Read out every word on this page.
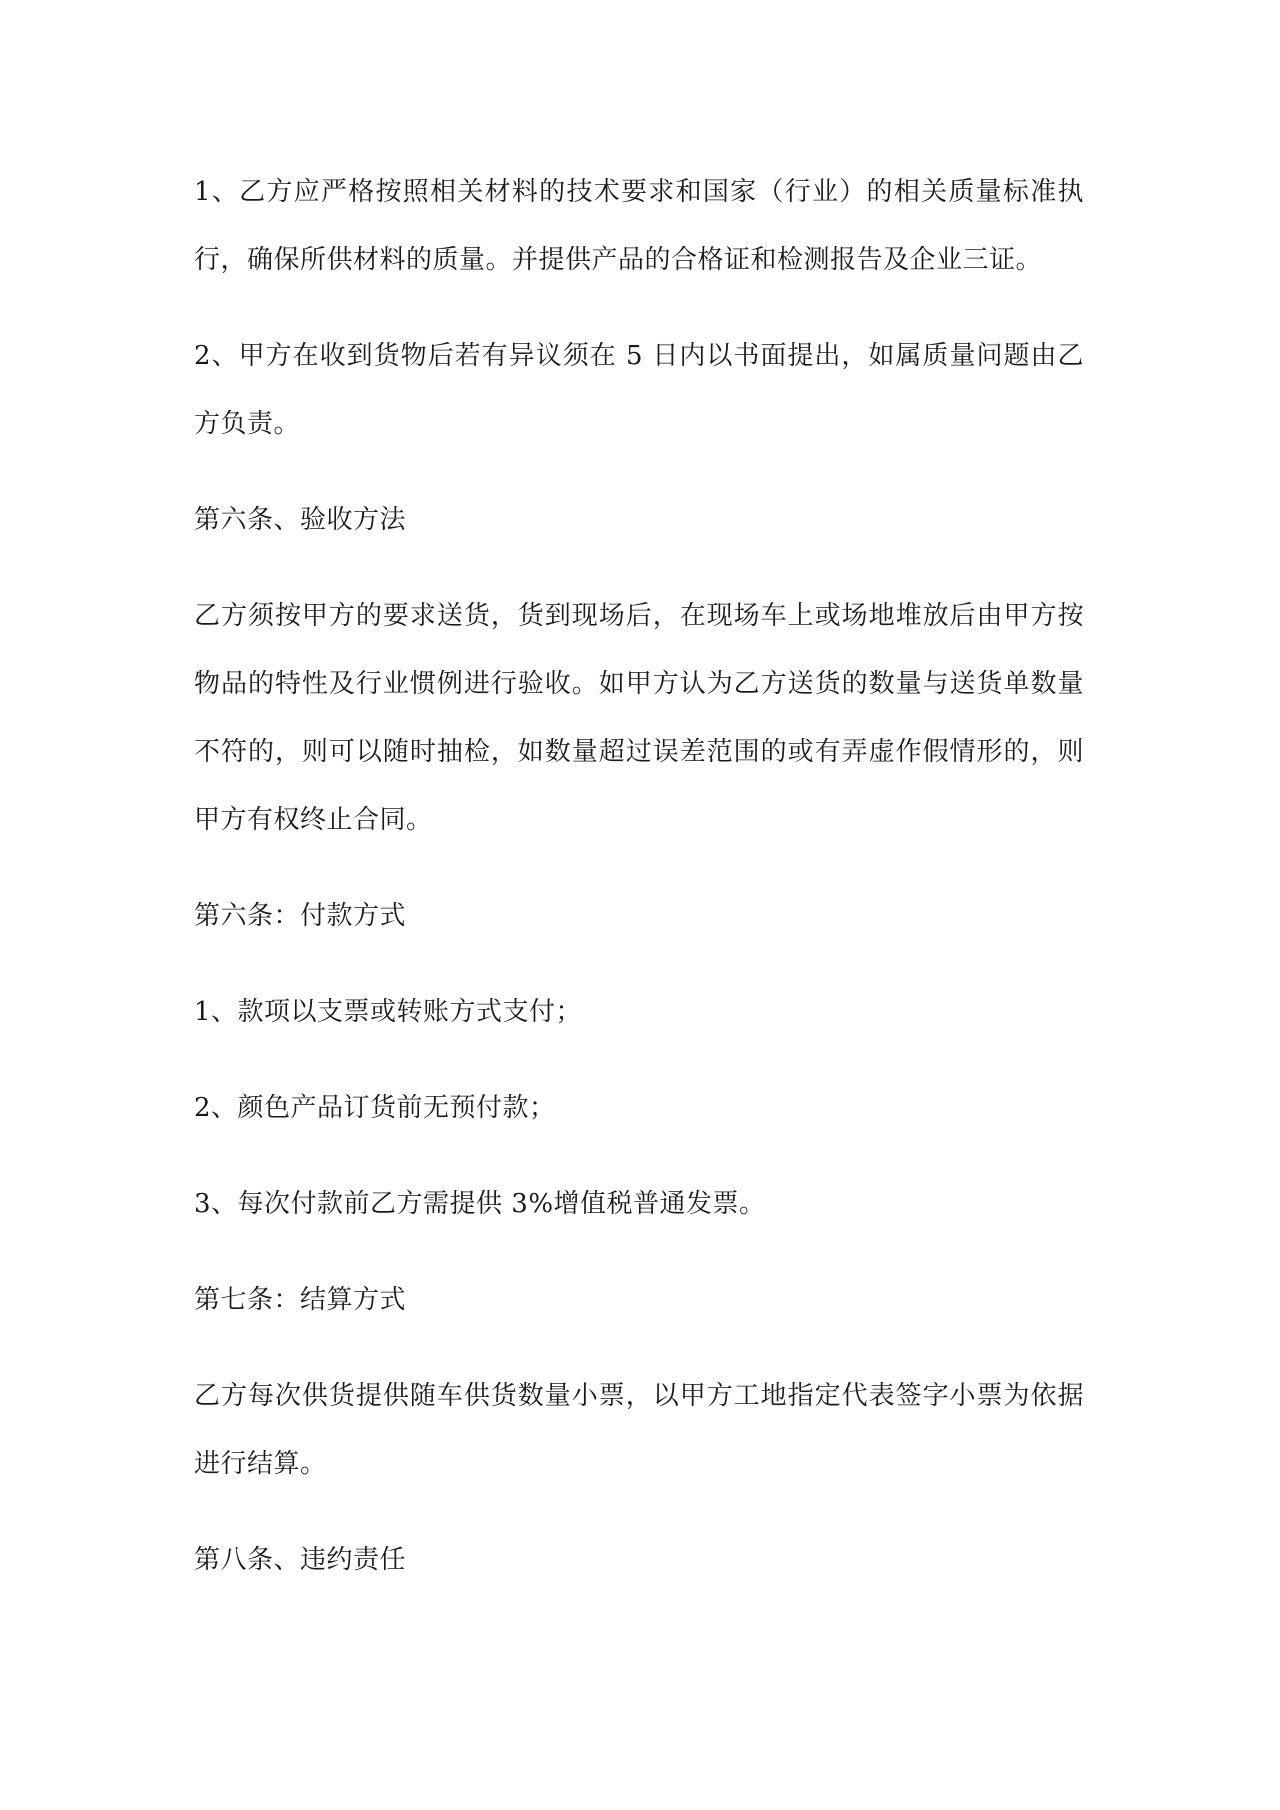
1、乙方应严格按照相关材料的技术要求和国家（行业）的相关质量标准执行，确保所供材料的质量。并提供产品的合格证和检测报告及企业三证。

2、甲方在收到货物后若有异议须在 5 日内以书面提出，如属质量问题由乙方负责。

第六条、验收方法

乙方须按甲方的要求送货，货到现场后，在现场车上或场地堆放后由甲方按物品的特性及行业惯例进行验收。如甲方认为乙方送货的数量与送货单数量不符的，则可以随时抽检，如数量超过误差范围的或有弄虚作假情形的，则甲方有权终止合同。

第六条：付款方式

1、款项以支票或转账方式支付；

2、颜色产品订货前无预付款；

3、每次付款前乙方需提供 3%增值税普通发票。

第七条：结算方式

乙方每次供货提供随车供货数量小票，以甲方工地指定代表签字小票为依据进行结算。

第八条、违约责任
